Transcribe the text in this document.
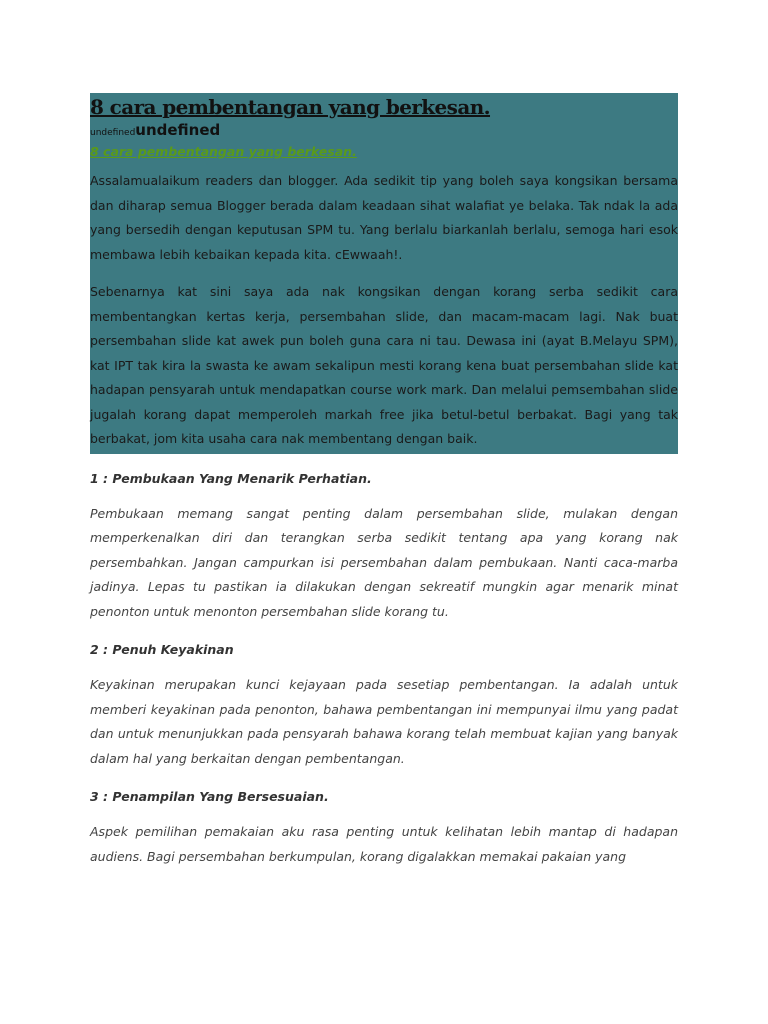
8 cara pembentangan yang berkesan.
undefinedundefined
8 cara pembentangan yang berkesan.

Assalamualaikum readers dan blogger. Ada sedikit tip yang boleh saya kongsikan bersama dan diharap semua Blogger berada dalam keadaan sihat walafiat ye belaka. Tak ndak la ada yang bersedih dengan keputusan SPM tu. Yang berlalu biarkanlah berlalu, semoga hari esok membawa lebih kebaikan kepada kita. cEwwaah!.

Sebenarnya kat sini saya ada nak kongsikan dengan korang serba sedikit cara membentangkan kertas kerja, persembahan slide, dan macam-macam lagi. Nak buat persembahan slide kat awek pun boleh guna cara ni tau. Dewasa ini (ayat B.Melayu SPM), kat IPT tak kira la swasta ke awam sekalipun mesti korang kena buat persembahan slide kat hadapan pensyarah untuk mendapatkan course work mark. Dan melalui pemsembahan slide jugalah korang dapat memperoleh markah free jika betul-betul berbakat. Bagi yang tak berbakat, jom kita usaha cara nak membentang dengan baik.

1 : Pembukaan Yang Menarik Perhatian.

Pembukaan memang sangat penting dalam persembahan slide, mulakan dengan memperkenalkan diri dan terangkan serba sedikit tentang apa yang korang nak persembahkan. Jangan campurkan isi persembahan dalam pembukaan. Nanti caca-marba jadinya. Lepas tu pastikan ia dilakukan dengan sekreatif mungkin agar menarik minat penonton untuk menonton persembahan slide korang tu.

2 : Penuh Keyakinan

Keyakinan merupakan kunci kejayaan pada sesetiap pembentangan. Ia adalah untuk memberi keyakinan pada penonton, bahawa pembentangan ini mempunyai ilmu yang padat dan untuk menunjukkan pada pensyarah bahawa korang telah membuat kajian yang banyak dalam hal yang berkaitan dengan pembentangan.

3 : Penampilan Yang Bersesuaian.

Aspek pemilihan pemakaian aku rasa penting untuk kelihatan lebih mantap di hadapan audiens. Bagi persembahan berkumpulan, korang digalakkan memakai pakaian yang
